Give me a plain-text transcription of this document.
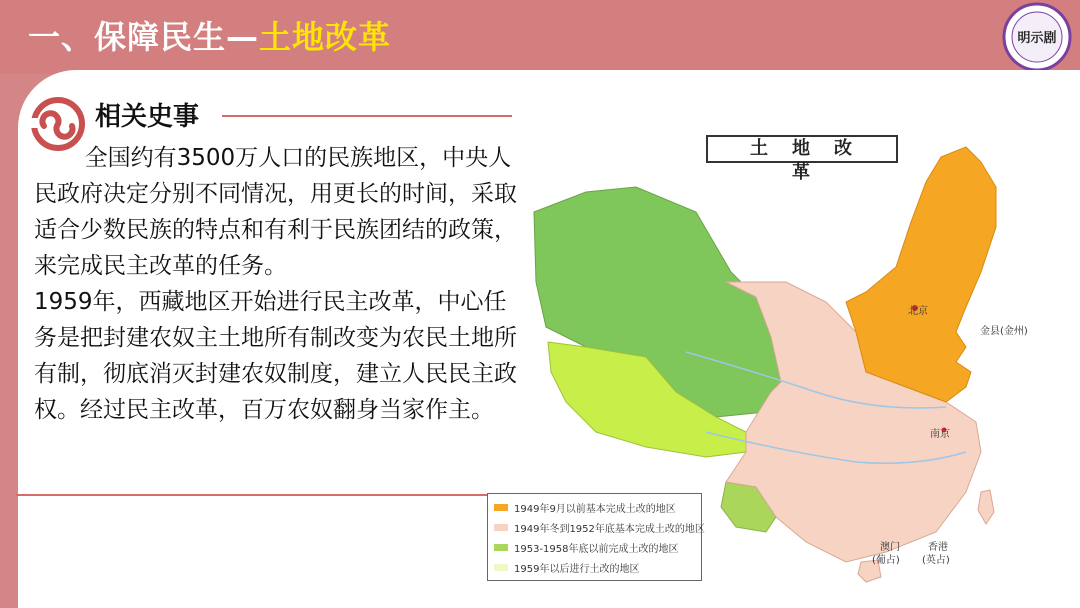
一、保障民生—土地改革	明示剧
相关史事

全国约有3500万人口的民族地区，中央人民政府决定分别不同情况，用更长的时间，采取适合少数民族的特点和有利于民族团结的政策，来完成民主改革的任务。

1959年，西藏地区开始进行民主改革，中心任务是把封建农奴主土地所有制改变为农民土地所有制，彻底消灭封建农奴制度，建立人民民主政权。经过民主改革，百万农奴翻身当家作主。

土地改革
北京
金县(金州)
南京
香港
(英占)
澳门
(葡占)
1949年9月以前基本完成土改的地区
1949年冬到1952年底基本完成土改的地区
1953-1958年底以前完成土改的地区
1959年以后进行土改的地区
